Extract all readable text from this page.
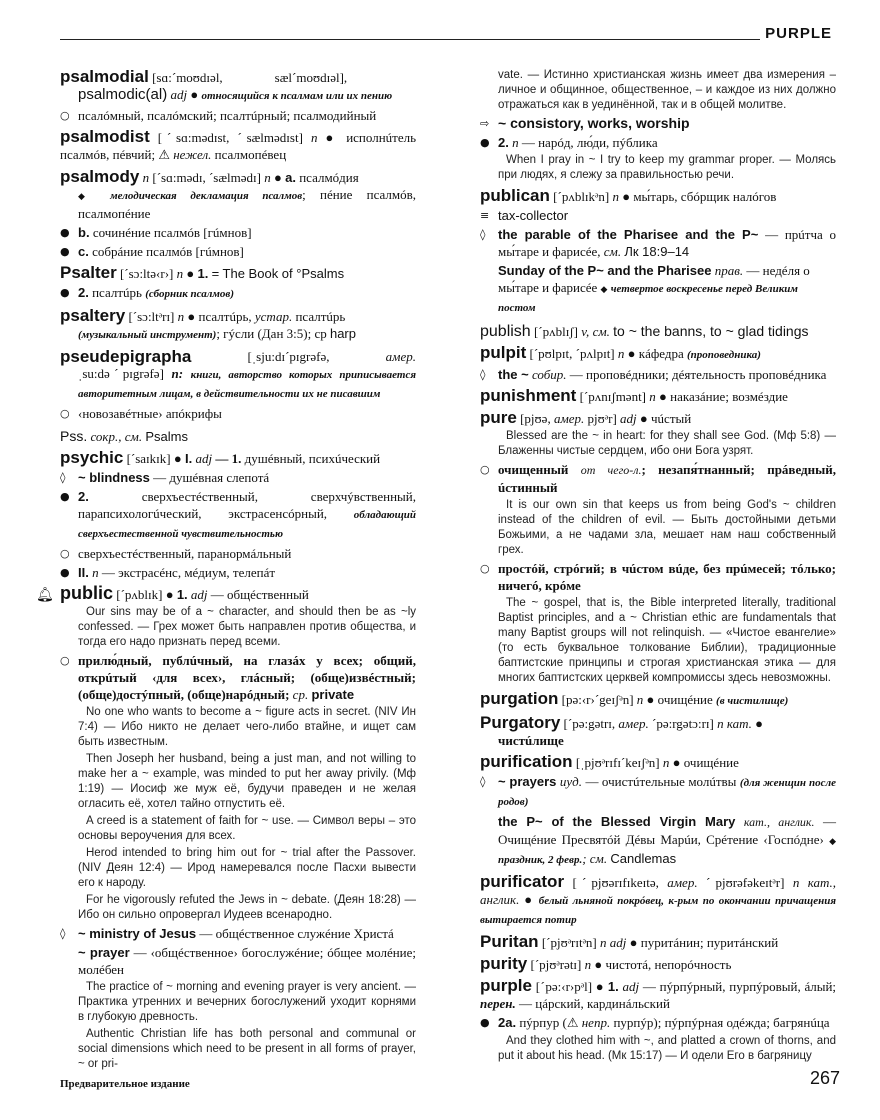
PURPLE
psalmodial [sɑ:ˊmoʊdɪəl,                sælˊmoʊdɪəl],
psalmodic(al) adj ● относящийся к псалмам или их пению
○ псалóмный, псалóмский; псалтúрный; псалмодийный
psalmodist [ˊsɑ:mədɪst, ˊsælmədɪst] n ● исполнúтель псалмóв, пéвчий; ⚠ нежел. псалмопéвец
psalmody n [ˊsɑ:mədɪ, ˊsælmədɪ] n ● a. псалмóдия
◆ мелодическая декламация псалмов; пéние псалмóв, псалмопéние
● b. сочинéние псалмóв [гúмнов]
● c. собрáние псалмóв [гúмнов]
Psalter [ˊsɔ:ltə‹r›] n ● 1. = The Book of °Psalms
● 2. псалтúрь (сборник псалмов)
psaltery [ˊsɔ:ltᵊrɪ] n ● псалтúрь, устар. псалтúрь
(музыкальный инструмент); гýсли (Дан 3:5); cp harp
pseudepigrapha	[ˌsju:dɪˊpɪgrəfə,	амер.
ˌsu:dəˊpɪgrəfə] n: книги, авторство которых приписывается авторитетным лицам, в действительности их не писавшим
○ ‹новозавéтные› апóкрифы
Pss. сокр., см. Psalms
psychic [ˊsaɪkɪk] ● I. adj — 1. душéвный, психúческий
◊ ~ blindness — душéвная слепотá
● 2.	сверхъестéственный, сверхчýвственный, парапсихологúческий, экстрасенсóрный, обладающий сверхъестественной чувствительностью
○ сверхъестéственный, паранормáльный
● II. n — экстрасéнс, мéдиум, телепáт
🔔︎ public [ˊpʌblɪk] ● 1. adj — общéственный
Our sins may be of a ~ character, and should then be as ~ly confessed. — Грех может быть направлен против общества, и тогда его надо признать перед всеми.
○ прилю́дный, публúчный, на глазáх у всех; общий, открúтый ‹для всех›, глáсный; (обще)извéстный; (обще)достýпный, (обще)нарóдный; cp. private
No one who wants to become a ~ figure acts in secret. (NIV Ин 7:4) — Ибо никто не делает чего-либо втайне, и ищет сам быть известным.
Then Joseph her husband, being a just man, and not willing to make her a ~ example, was minded to put her away privily. (Мф 1:19) — Иосиф же муж её, будучи праведен и не желая огласить её, хотел тайно отпустить её.
A creed is a statement of faith for ~ use. — Символ веры – это основы вероучения для всех.
Herod intended to bring him out for ~ trial after the Passover. (NIV Деян 12:4) — Ирод намеревался после Пасхи вывести его к народу.
For he vigorously refuted the Jews in ~ debate. (Деян 18:28) — Ибо он сильно опровергал Иудеев всенародно.
◊ ~ ministry of Jesus — общéственное служéние Христá
~ prayer — ‹общéственное› богослужéние; óбщее молéние; молéбен
The practice of ~ morning and evening prayer is very ancient. — Практика утренних и вечерних богослужений уходит корнями в глубокую древность.
Authentic Christian life has both personal and communal or social dimensions which need to be present in all forms of prayer, ~ or pri-
vate. — Истинно христианская жизнь имеет два измерения – личное и общинное, общественное, – и каждое из них должно отражаться как в уединённой, так и в общей молитве.
⇨ ~ consistory, works, worship
● 2. n — нарóд, лю́ди, пýблика
When I pray in ~ I try to keep my grammar proper. — Молясь при людях, я слежу за правильностью речи.
publican [ˊpʌblɪkᵊn] n ● мы́тарь, сбóрщик налóгов
≡ tax-collector
◊ the parable of the Pharisee and the P~ — прúтча о мы́таре и фарисéе, см. Лк 18:9–14
Sunday of the P~ and the Pharisee прав. — недéля о мы́таре и фарисéе ◆ четвертое воскресенье перед Великим постом
publish [ˊpʌblɪʃ] v, см. to ~ the banns, to ~ glad tidings
pulpit [ˊpʊlpɪt, ˊpʌlpɪt] n ● кáфедра (проповедника)
◊ the ~ собир. — проповéдники; дéятельность проповéдника
punishment [ˊpʌnɪʃmənt] n ● наказáние; возмéздие
pure [pjʊə, амер. pjʊᵊr] adj ● чúстый
Blessed are the ~ in heart: for they shall see God. (Мф 5:8) — Блаженны чистые сердцем, ибо они Бога узрят.
○ очищенный от чего-л.; незапя́тнанный; прáведный, úстинный
It is our own sin that keeps us from being God's ~ children instead of the children of evil. — Быть достойными детьми Божьими, а не чадами зла, мешает нам наш собственный грех.
○ простóй, стрóгий; в чúстом вúде, без прúмесей; тóлько; ничегó, крóме
The ~ gospel, that is, the Bible interpreted literally, traditional Baptist principles, and a ~ Christian ethic are fundamentals that many Baptist groups will not relinquish. — «Чистое евангелие» (то есть буквальное толкование Библии), традиционные баптистские принципы и строгая христианская этика — для многих баптистских церквей компромиссы здесь невозможны.
purgation [pə:‹r›ˊgeɪʃᵊn] n ● очищéние (в чистилище)
Purgatory [ˊpə:gətrɪ, амер. ˊpə:rgətɔ:rɪ] n кат. ●
чистúлище
purification [ˌpjʊᵊrɪfɪˊkeɪʃᵊn] n ● очищéние
◊ ~ prayers иуд. — очистúтельные молúтвы (для женщин после родов)
the P~ of the Blessed Virgin Mary кат., англик. — Очищéние Пресвятóй Дéвы Марúи, Срéтение ‹Госпóдне› ◆ праздник, 2 февр.; см. Candlemas
purificator [ˊpjʊərɪfɪkeɪtə, амер. ˊpjʊrəfəkeɪtᵊr] n кат., англик. ● белый льняной покрóвец, к-рым по окончании причащения вытирается потир
Puritan [ˊpjʊᵊrɪtᵊn] n adj ● пуритáнин; пуритáнский
purity [ˊpjʊᵊrətɪ] n ● чистотá, непорóчность
purple [ˊpə:‹r›pᵊl] ● 1. adj — пýрпýрный, пурпýровый, áлый; перен. — цáрский, кардинáльский
● 2a. пýрпур (⚠ непр. пурпýр); пýрпýрная одéжда; багрянúца
And they clothed him with ~, and platted a crown of thorns, and put it about his head. (Мк 15:17) — И одели Его в багряницу
Предварительное издание	267
